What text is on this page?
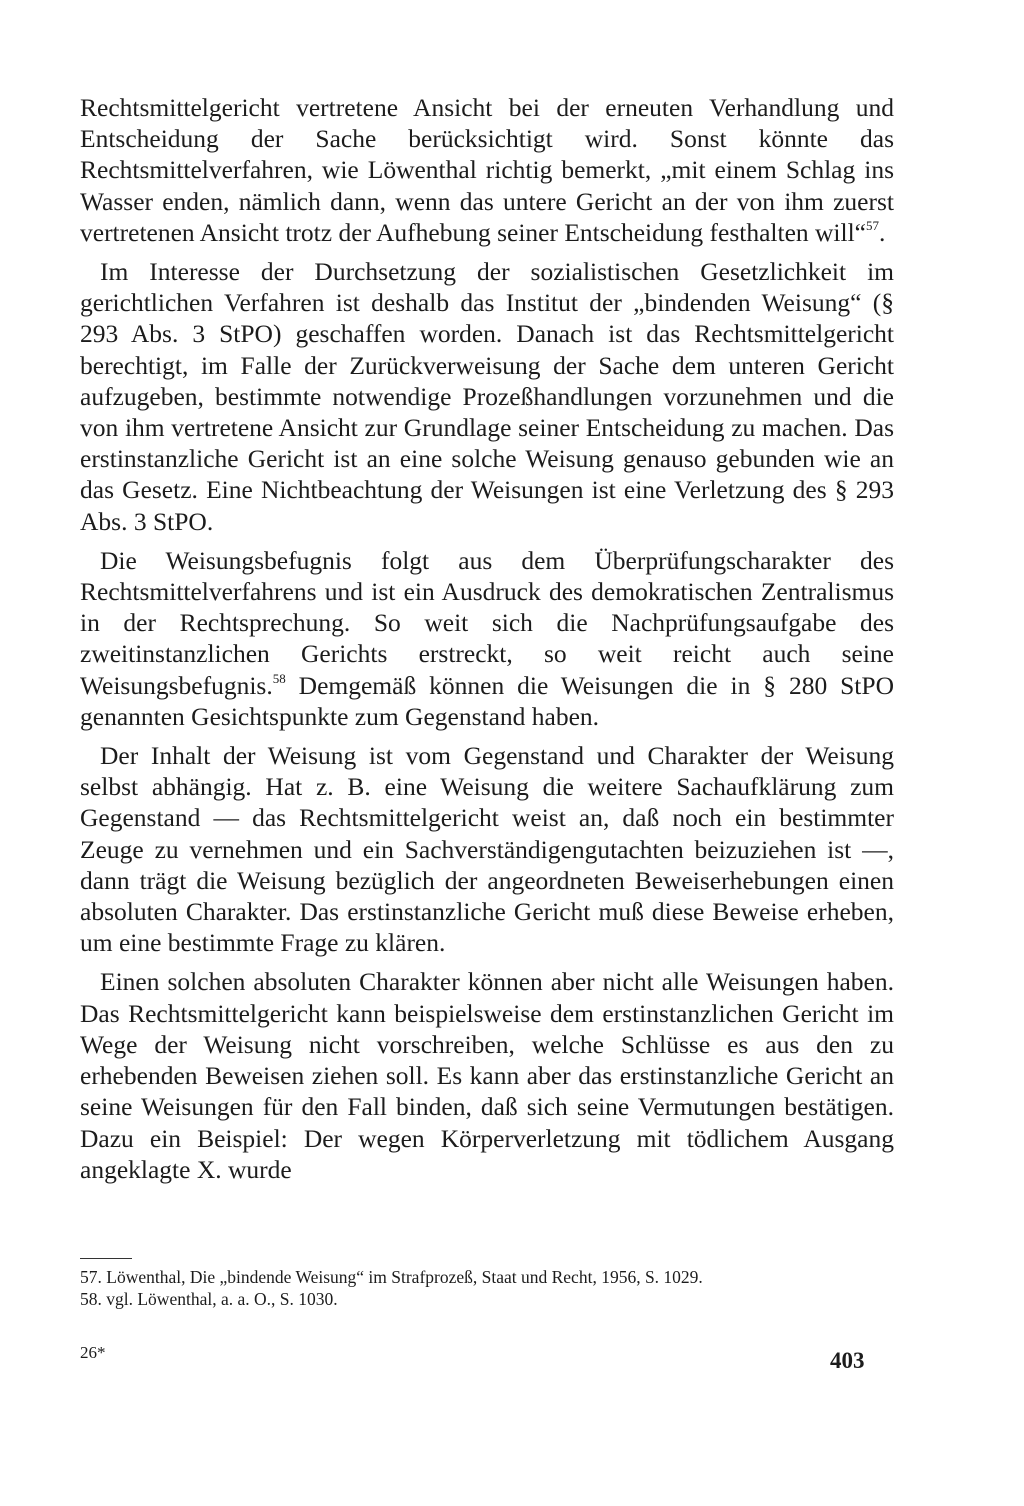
Rechtsmittelgericht vertretene Ansicht bei der erneuten Verhandlung und Entscheidung der Sache berücksichtigt wird. Sonst könnte das Rechtsmittelverfahren, wie Löwenthal richtig bemerkt, „mit einem Schlag ins Wasser enden, nämlich dann, wenn das untere Gericht an der von ihm zuerst vertretenen Ansicht trotz der Aufhebung seiner Entscheidung festhalten will“$^{57}$.

Im Interesse der Durchsetzung der sozialistischen Gesetzlichkeit im gerichtlichen Verfahren ist deshalb das Institut der „bindenden Weisung“ (§ 293 Abs. 3 StPO) geschaffen worden. Danach ist das Rechtsmittelgericht berechtigt, im Falle der Zurückverweisung der Sache dem unteren Gericht aufzugeben, bestimmte notwendige Prozeßhandlungen vorzunehmen und die von ihm vertretene Ansicht zur Grundlage seiner Entscheidung zu machen. Das erstinstanzliche Gericht ist an eine solche Weisung genauso gebunden wie an das Gesetz. Eine Nichtbeachtung der Weisungen ist eine Verletzung des § 293 Abs. 3 StPO.

Die Weisungsbefugnis folgt aus dem Überprüfungscharakter des Rechtsmittelverfahrens und ist ein Ausdruck des demokratischen Zentralismus in der Rechtsprechung. So weit sich die Nachprüfungsaufgabe des zweitinstanzlichen Gerichts erstreckt, so weit reicht auch seine Weisungsbefugnis.$^{58}$ Demgemäß können die Weisungen die in § 280 StPO genannten Gesichtspunkte zum Gegenstand haben.

Der Inhalt der Weisung ist vom Gegenstand und Charakter der Weisung selbst abhängig. Hat z. B. eine Weisung die weitere Sachaufklärung zum Gegenstand — das Rechtsmittelgericht weist an, daß noch ein bestimmter Zeuge zu vernehmen und ein Sachverständigengutachten beizuziehen ist —, dann trägt die Weisung bezüglich der angeordneten Beweiserhebungen einen absoluten Charakter. Das erstinstanzliche Gericht muß diese Beweise erheben, um eine bestimmte Frage zu klären.

Einen solchen absoluten Charakter können aber nicht alle Weisungen haben. Das Rechtsmittelgericht kann beispielsweise dem erstinstanzlichen Gericht im Wege der Weisung nicht vorschreiben, welche Schlüsse es aus den zu erhebenden Beweisen ziehen soll. Es kann aber das erstinstanzliche Gericht an seine Weisungen für den Fall binden, daß sich seine Vermutungen bestätigen. Dazu ein Beispiel: Der wegen Körperverletzung mit tödlichem Ausgang angeklagte X. wurde

57. Löwenthal, Die „bindende Weisung“ im Strafprozeß, Staat und Recht, 1956, S. 1029.

58. vgl. Löwenthal, a. a. O., S. 1030.

26*	403
